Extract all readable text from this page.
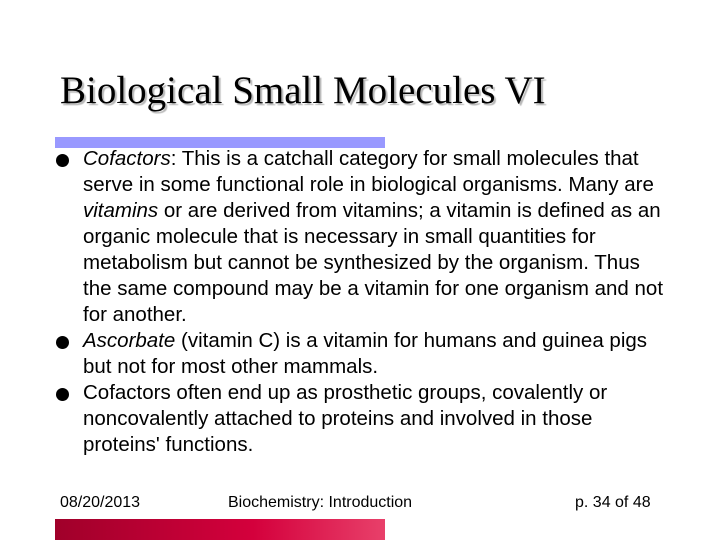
Biological Small Molecules VI
Cofactors: This is a catchall category for small molecules that serve in some functional role in biological organisms. Many are vitamins or are derived from vitamins; a vitamin is defined as an organic molecule that is necessary in small quantities for metabolism but cannot be synthesized by the organism. Thus the same compound may be a vitamin for one organism and not for another.
Ascorbate (vitamin C) is a vitamin for humans and guinea pigs but not for most other mammals.
Cofactors often end up as prosthetic groups, covalently or noncovalently attached to proteins and involved in those proteins' functions.
08/20/2013	Biochemistry: Introduction	p. 34 of 48
